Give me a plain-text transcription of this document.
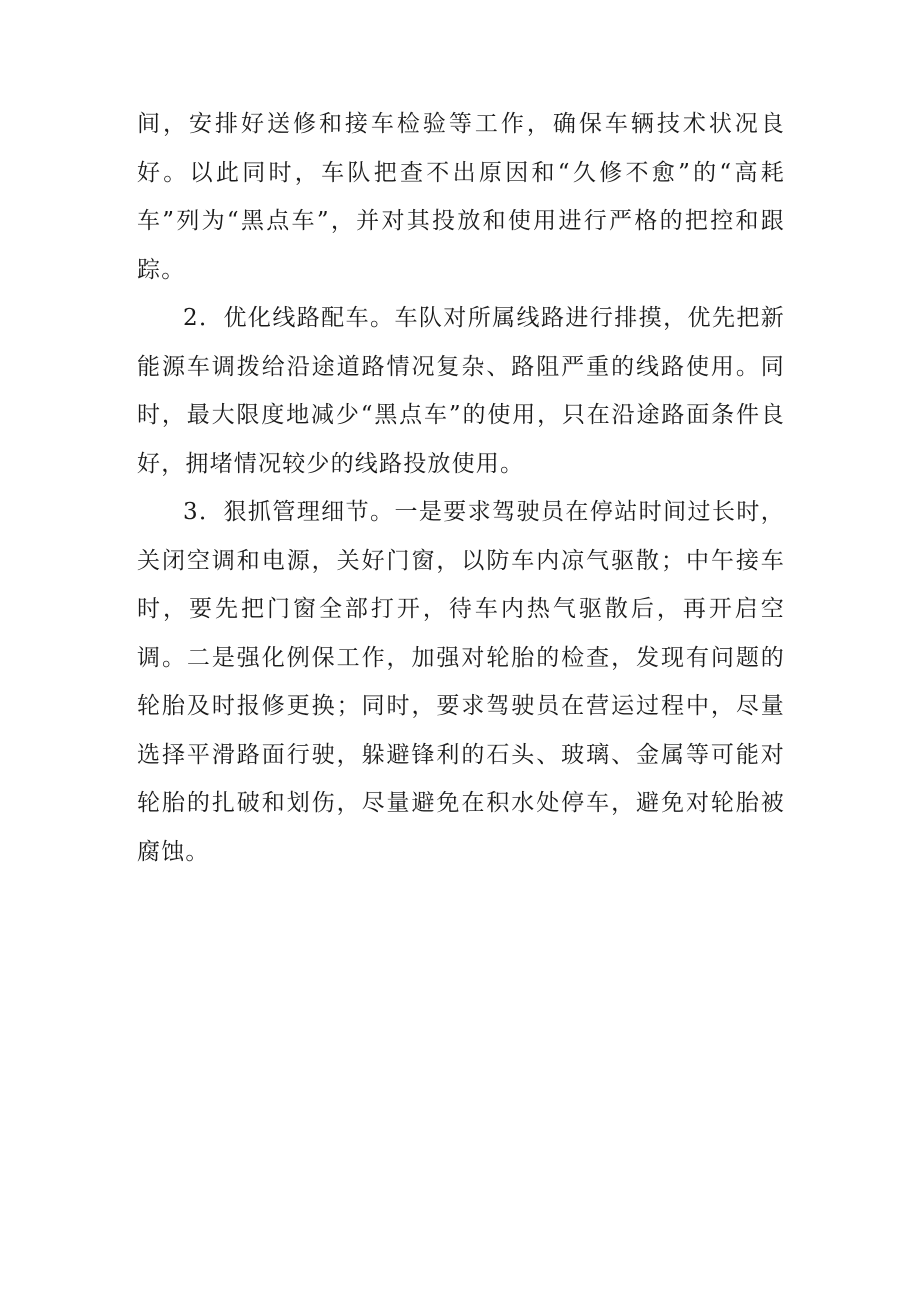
间，安排好送修和接车检验等工作，确保车辆技术状况良好。以此同时，车队把查不出原因和“久修不愈”的“高耗车”列为“黑点车”，并对其投放和使用进行严格的把控和跟踪。

2．优化线路配车。车队对所属线路进行排摸，优先把新能源车调拨给沿途道路情况复杂、路阻严重的线路使用。同时，最大限度地减少“黑点车”的使用，只在沿途路面条件良好，拥堵情况较少的线路投放使用。

3．狠抓管理细节。一是要求驾驶员在停站时间过长时，关闭空调和电源，关好门窗，以防车内凉气驱散；中午接车时，要先把门窗全部打开，待车内热气驱散后，再开启空调。二是强化例保工作，加强对轮胎的检查，发现有问题的轮胎及时报修更换；同时，要求驾驶员在营运过程中，尽量选择平滑路面行驶，躲避锋利的石头、玻璃、金属等可能对轮胎的扎破和划伤，尽量避免在积水处停车，避免对轮胎被腐蚀。
